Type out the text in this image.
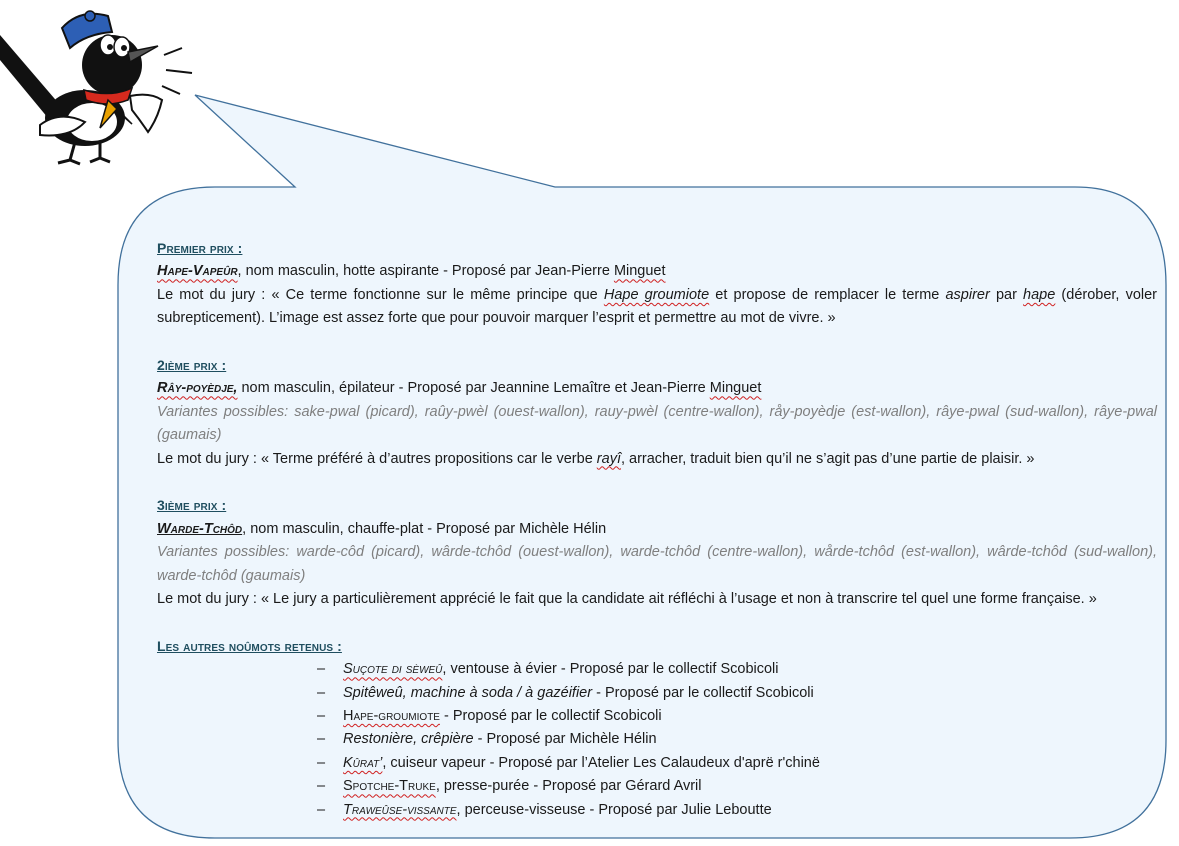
Premier prix :

Hape-Vapeûr, nom masculin, hotte aspirante - Proposé par Jean-Pierre Minguet

Le mot du jury : « Ce terme fonctionne sur le même principe que Hape groumiote et propose de remplacer le terme aspirer par hape (dérober, voler subrepticement). L’image est assez forte que pour pouvoir marquer l’esprit et permettre au mot de vivre. »

2ième prix :

Rây-poyèdje, nom masculin, épilateur - Proposé par Jeannine Lemaître et Jean-Pierre Minguet

Variantes possibles: sake-pwal (picard), raûy-pwèl (ouest-wallon), rauy-pwèl (centre-wallon), råy-poyèdje (est-wallon), râye-pwal (sud-wallon), râye-pwal (gaumais)

Le mot du jury : « Terme préféré à d’autres propositions car le verbe rayî, arracher, traduit bien qu’il ne s’agit pas d’une partie de plaisir. »

3ième prix :

Warde-Tchôd, nom masculin, chauffe-plat - Proposé par Michèle Hélin

Variantes possibles: warde-côd (picard), wârde-tchôd (ouest-wallon), warde-tchôd (centre-wallon), wårde-tchôd (est-wallon), wârde-tchôd (sud-wallon), warde-tchôd (gaumais)

Le mot du jury : « Le jury a particulièrement apprécié le fait que la candidate ait réfléchi à l’usage et non à transcrire tel quel une forme française. »

Les autres noûmots retenus :

– Suçote di sèweû, ventouse à évier - Proposé par le collectif Scobicoli
– Spitêweû, machine à soda / à gazéifier - Proposé par le collectif Scobicoli
– Hape-groumiote - Proposé par le collectif Scobicoli
– Restonière, crêpière - Proposé par Michèle Hélin
– Kûrat’, cuiseur vapeur - Proposé par l’Atelier Les Calaudeux d'aprë r'chinë
– Spotche-Truke, presse-purée - Proposé par Gérard Avril
– Traweûse-vissante, perceuse-visseuse - Proposé par Julie Leboutte
